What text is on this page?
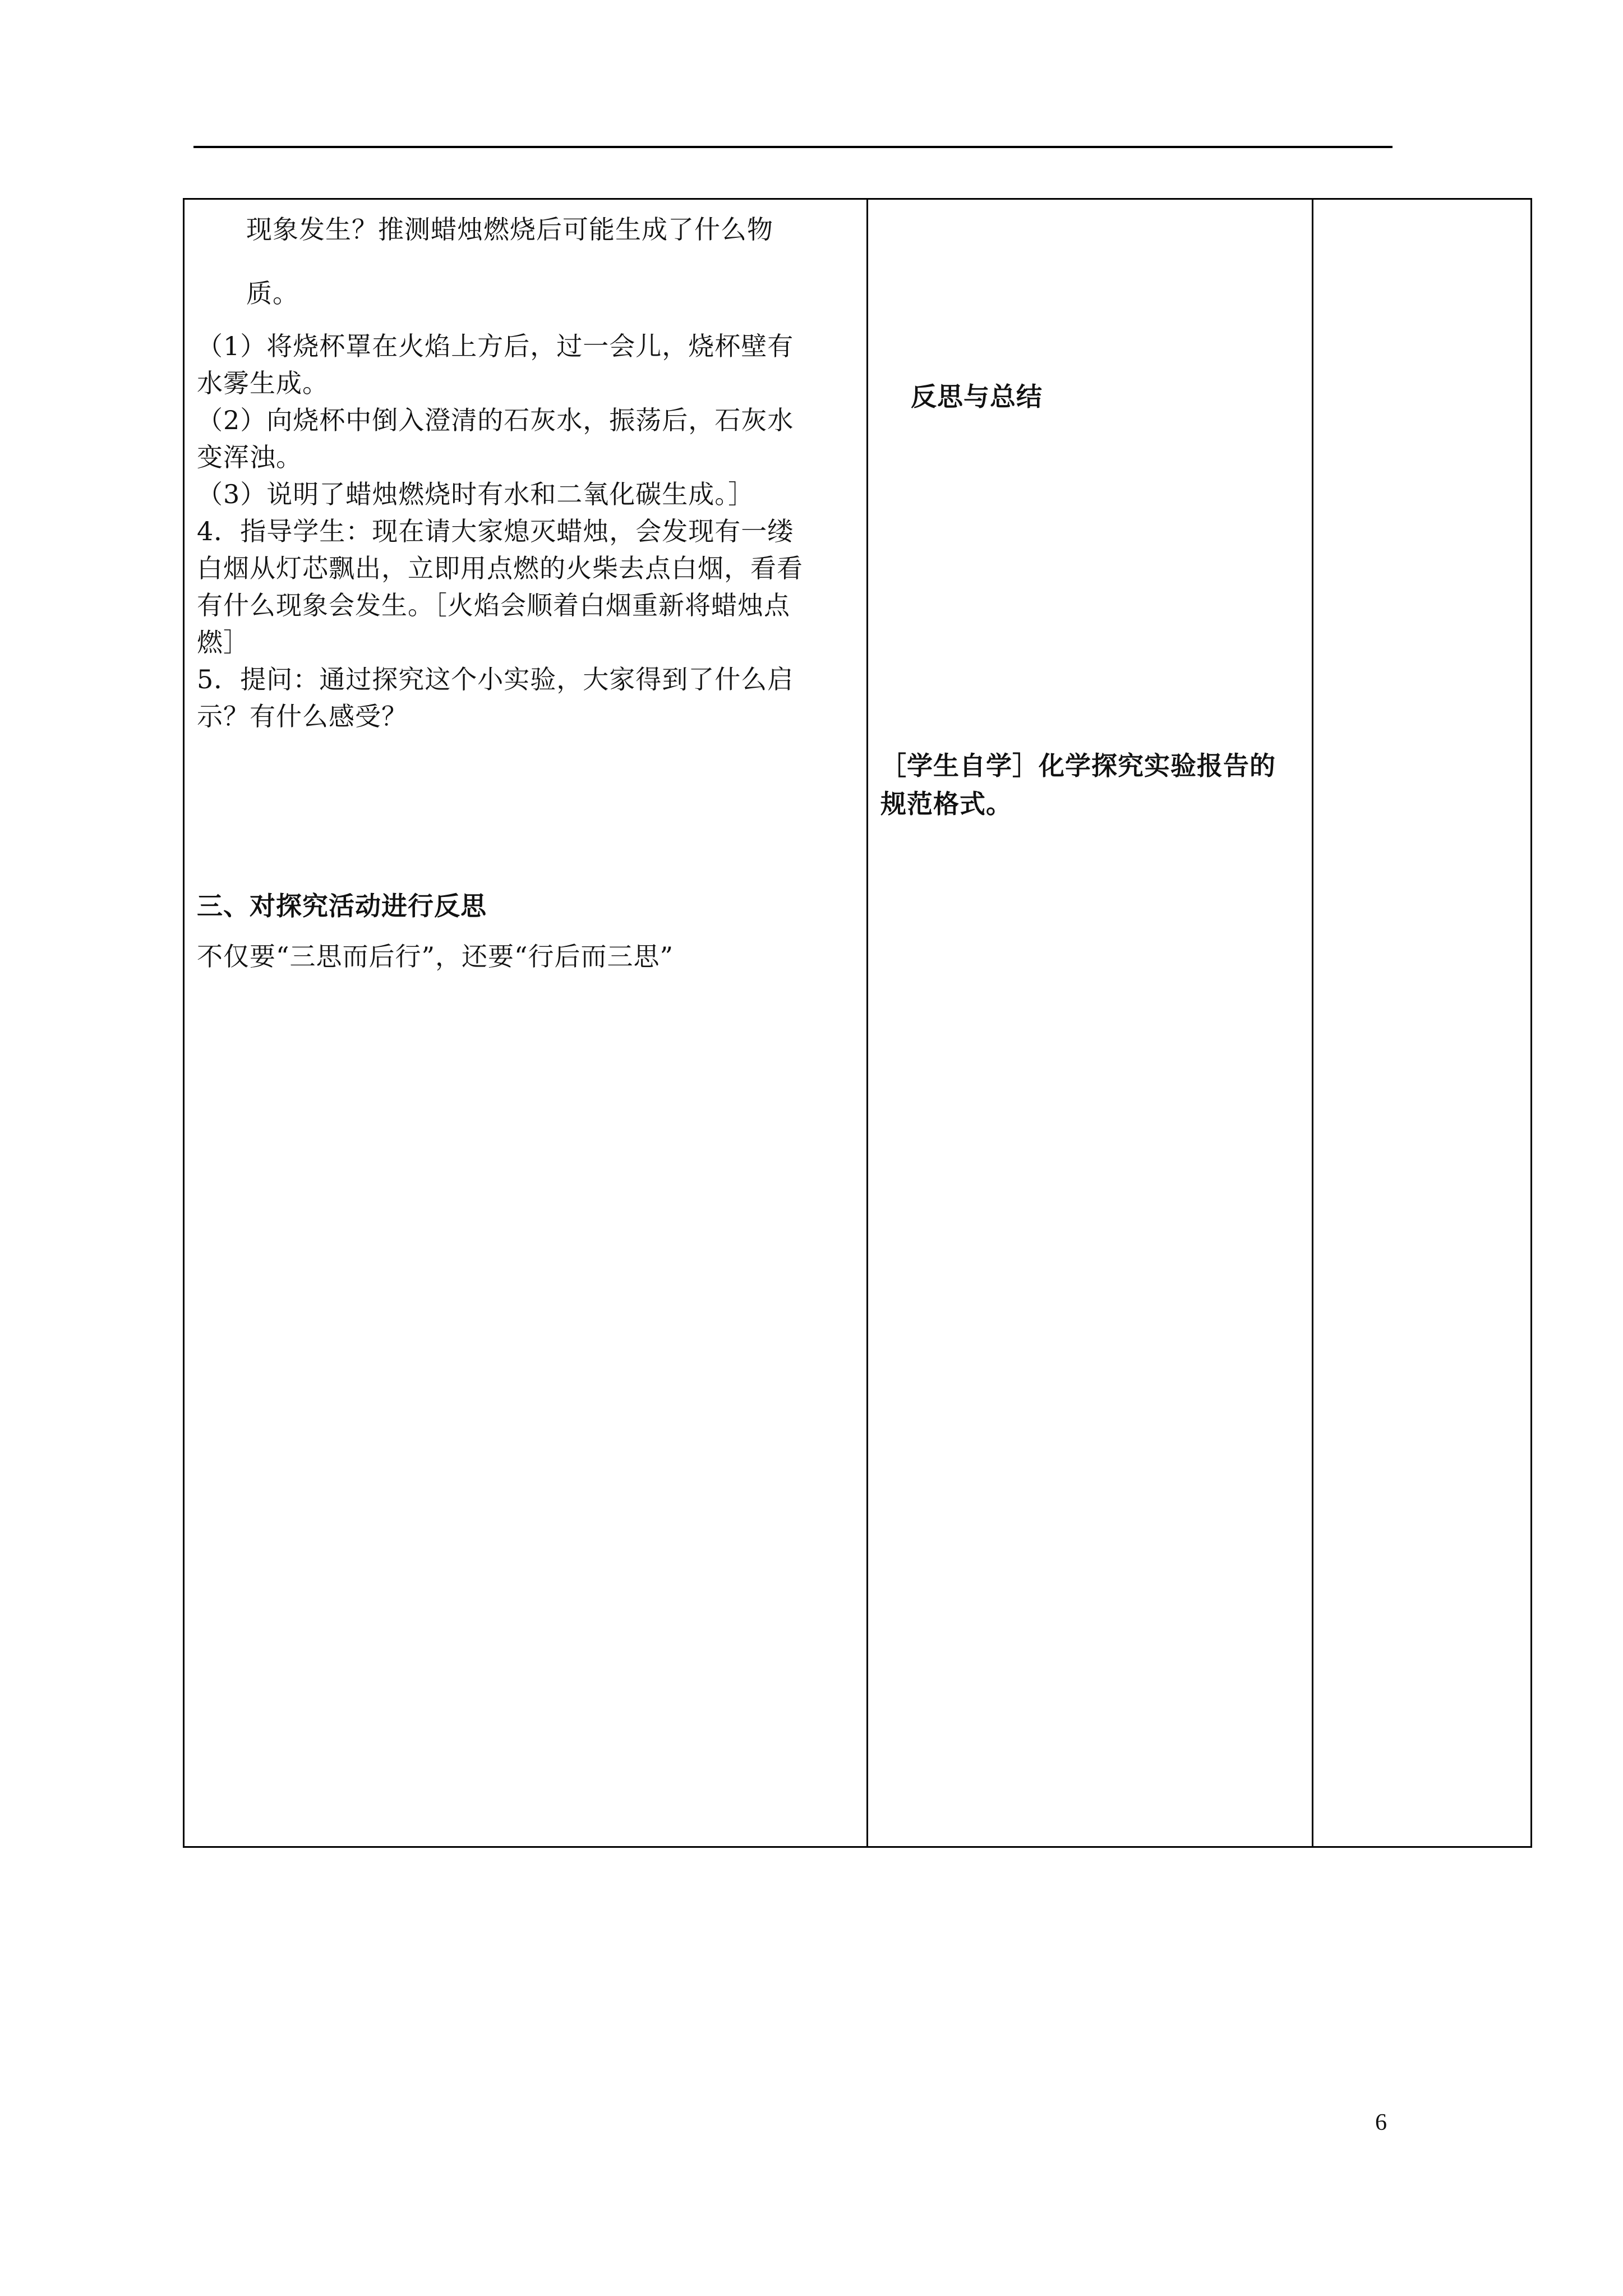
现象发生？推测蜡烛燃烧后可能生成了什么物
质。
（1）将烧杯罩在火焰上方后，过一会儿，烧杯壁有
水雾生成。
（2）向烧杯中倒入澄清的石灰水，振荡后，石灰水
变浑浊。
（3）说明了蜡烛燃烧时有水和二氧化碳生成。］
4．指导学生：现在请大家熄灭蜡烛，会发现有一缕
白烟从灯芯飘出，立即用点燃的火柴去点白烟，看看
有什么现象会发生。［火焰会顺着白烟重新将蜡烛点
燃］
5．提问：通过探究这个小实验，大家得到了什么启
示？有什么感受？
三、对探究活动进行反思
不仅要“三思而后行”，还要“行后而三思”
反思与总结
［学生自学］化学探究实验报告的
规范格式。
6
